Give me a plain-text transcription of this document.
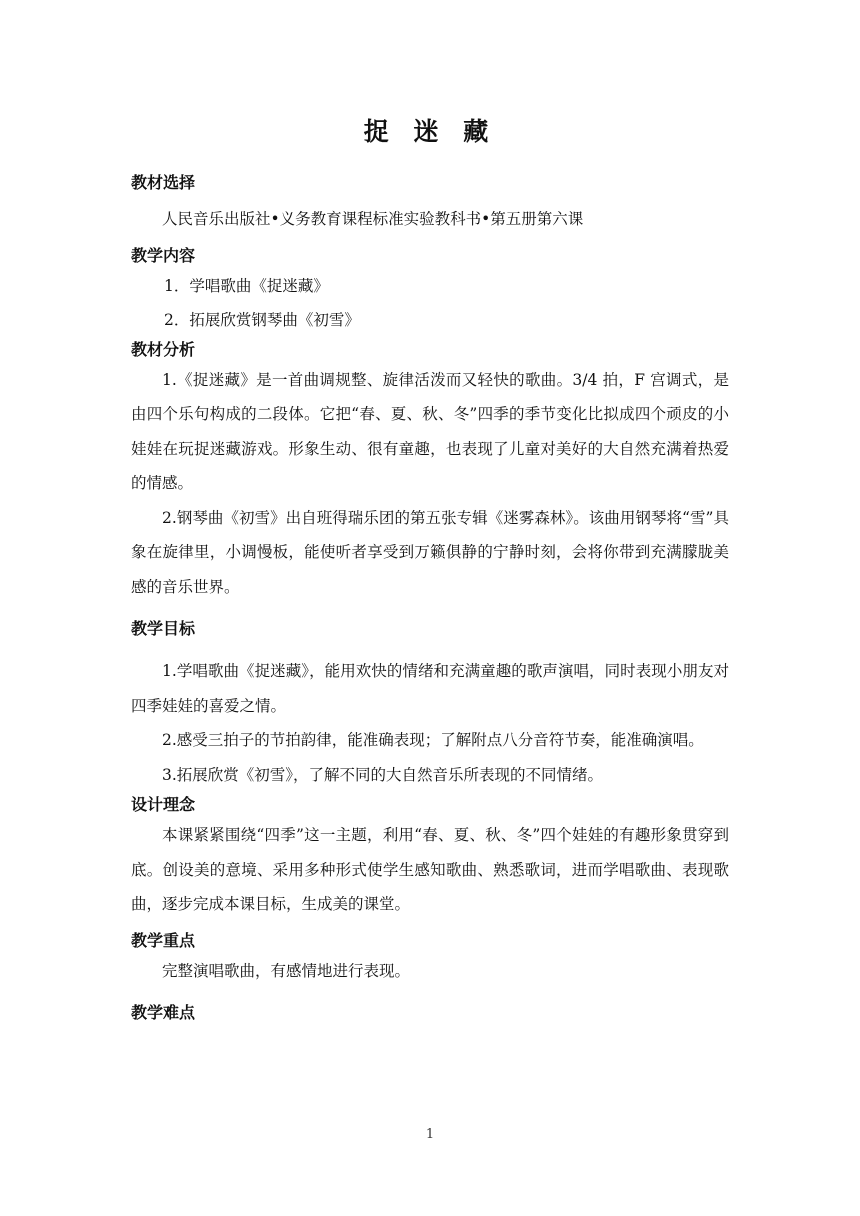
捉 迷 藏
教材选择

人民音乐出版社•义务教育课程标准实验教科书•第五册第六课

教学内容

1．学唱歌曲《捉迷藏》

2．拓展欣赏钢琴曲《初雪》

教材分析

1.《捉迷藏》是一首曲调规整、旋律活泼而又轻快的歌曲。3/4 拍，F 宫调式，是由四个乐句构成的二段体。它把“春、夏、秋、冬”四季的季节变化比拟成四个顽皮的小娃娃在玩捉迷藏游戏。形象生动、很有童趣，也表现了儿童对美好的大自然充满着热爱的情感。

2.钢琴曲《初雪》出自班得瑞乐团的第五张专辑《迷雾森林》。该曲用钢琴将“雪”具象在旋律里，小调慢板，能使听者享受到万籁俱静的宁静时刻，会将你带到充满朦胧美感的音乐世界。

教学目标

1.学唱歌曲《捉迷藏》，能用欢快的情绪和充满童趣的歌声演唱，同时表现小朋友对四季娃娃的喜爱之情。

2.感受三拍子的节拍韵律，能准确表现；了解附点八分音符节奏，能准确演唱。

3.拓展欣赏《初雪》，了解不同的大自然音乐所表现的不同情绪。

设计理念

本课紧紧围绕“四季”这一主题，利用“春、夏、秋、冬”四个娃娃的有趣形象贯穿到底。创设美的意境、采用多种形式使学生感知歌曲、熟悉歌词，进而学唱歌曲、表现歌曲，逐步完成本课目标，生成美的课堂。

教学重点

完整演唱歌曲，有感情地进行表现。

教学难点
1
